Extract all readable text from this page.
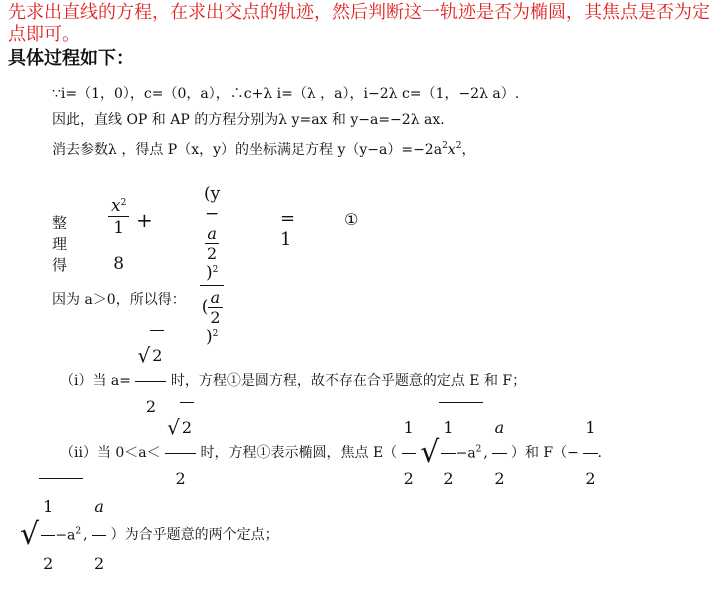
先求出直线的方程，在求出交点的轨迹，然后判断这一轨迹是否为椭圆，其焦点是否为定点即可。
具体过程如下：
∵i=（1，0），c=（0，a），∴c+λ i=（λ ，a），i−2λ c=（1，−2λ a）.
因此，直线 OP 和 AP 的方程分别为λ y=ax 和 y−a=−2λ ax.
消去参数λ ，得点 P（x，y）的坐标满足方程 $y(y-a)=-2a^2x^2$，
整理得
$x^2$
1
8
+
(y −
$\frac{a}{2}$
)$^2$
( $\frac{a}{2}$
)$^2$
= 1
①
因为 a＞0，所以得：
（i）当 $a= \frac{√ 2}{2}$ 时，方程①是圆方程，故不存在合乎题意的定点 E 和 F；
（ii）当 $0<a< \frac{√ 2}{2}$ 时，方程①表示椭圆，焦点 $E( \frac{1}{2}$ √ $\frac{1}{2} -a^2$ , $\frac{a}{2}$ ）和 $F(- \frac{1}{2}$ .
√ $\frac{1}{2} -a^2$ , $\frac{a}{2}$ ）为合乎题意的两个定点；
